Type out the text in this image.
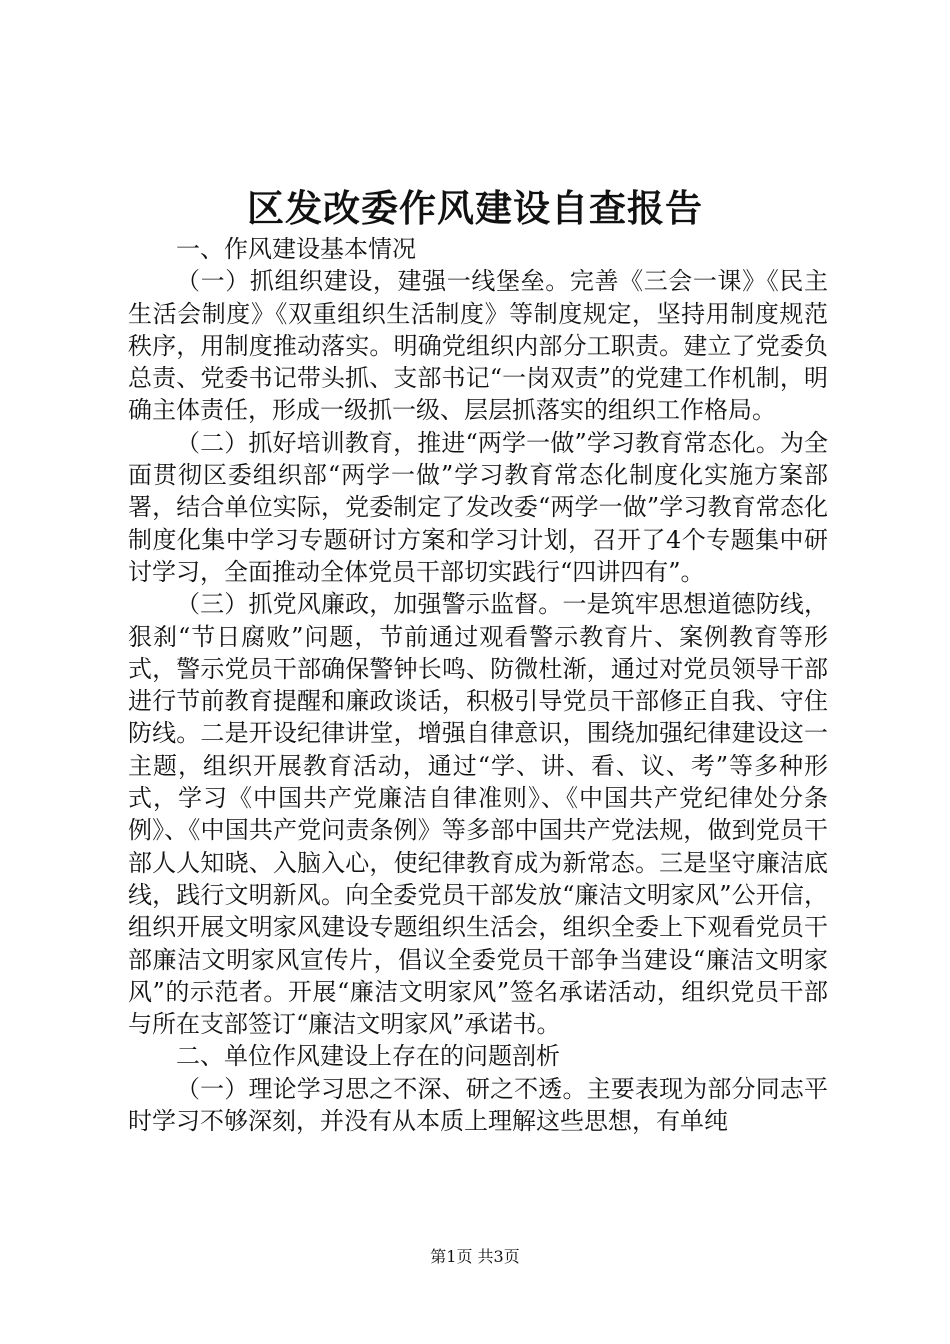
区发改委作风建设自查报告

一、作风建设基本情况

（一）抓组织建设，建强一线堡垒。完善《三会一课》《民主生活会制度》《双重组织生活制度》等制度规定，坚持用制度规范秩序，用制度推动落实。明确党组织内部分工职责。建立了党委负总责、党委书记带头抓、支部书记“一岗双责”的党建工作机制，明确主体责任，形成一级抓一级、层层抓落实的组织工作格局。

（二）抓好培训教育，推进“两学一做”学习教育常态化。为全面贯彻区委组织部“两学一做”学习教育常态化制度化实施方案部署，结合单位实际，党委制定了发改委“两学一做”学习教育常态化制度化集中学习专题研讨方案和学习计划，召开了4个专题集中研讨学习，全面推动全体党员干部切实践行“四讲四有”。

（三）抓党风廉政，加强警示监督。一是筑牢思想道德防线，狠刹“节日腐败”问题，节前通过观看警示教育片、案例教育等形式，警示党员干部确保警钟长鸣、防微杜渐，通过对党员领导干部进行节前教育提醒和廉政谈话，积极引导党员干部修正自我、守住防线。二是开设纪律讲堂，增强自律意识，围绕加强纪律建设这一主题，组织开展教育活动，通过“学、讲、看、议、考”等多种形式，学习《中国共产党廉洁自律准则》、《中国共产党纪律处分条例》、《中国共产党问责条例》等多部中国共产党法规，做到党员干部人人知晓、入脑入心，使纪律教育成为新常态。三是坚守廉洁底线，践行文明新风。向全委党员干部发放“廉洁文明家风”公开信，组织开展文明家风建设专题组织生活会，组织全委上下观看党员干部廉洁文明家风宣传片，倡议全委党员干部争当建设“廉洁文明家风”的示范者。开展“廉洁文明家风”签名承诺活动，组织党员干部与所在支部签订“廉洁文明家风”承诺书。

二、单位作风建设上存在的问题剖析

（一）理论学习思之不深、研之不透。主要表现为部分同志平时学习不够深刻，并没有从本质上理解这些思想，有单纯

第1页 共3页
